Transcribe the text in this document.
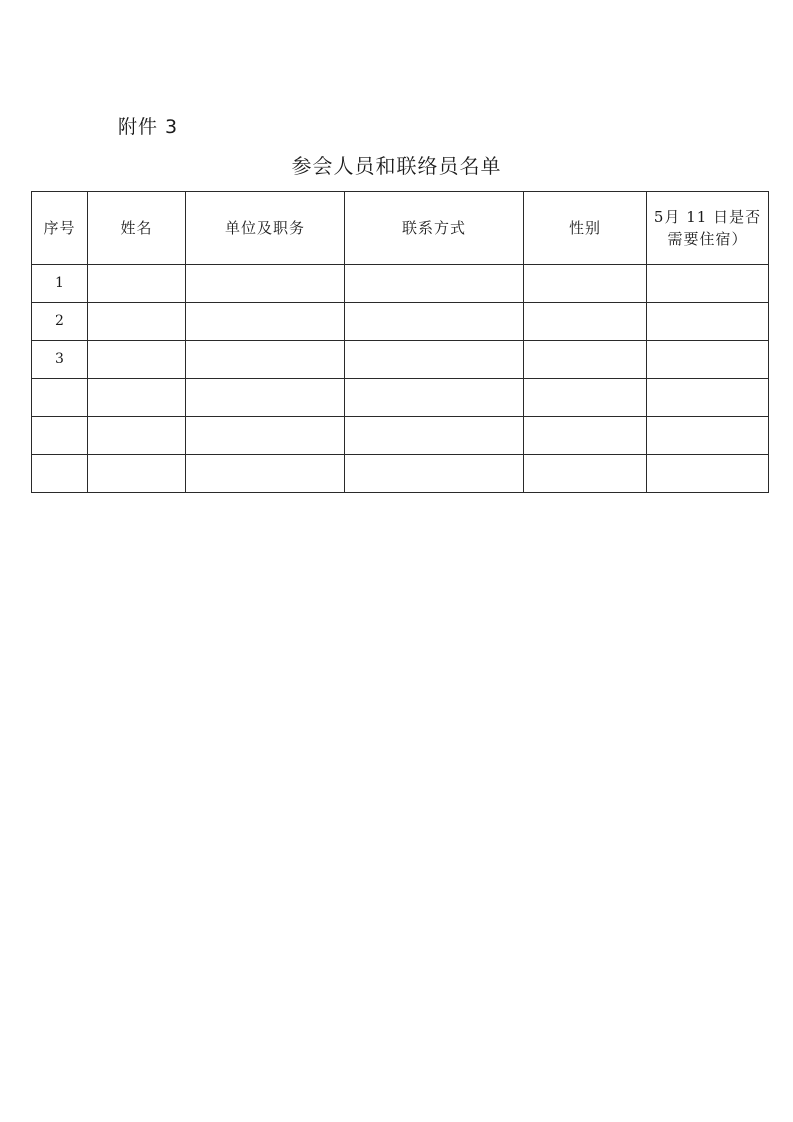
附件 3
参会人员和联络员名单
序号	姓名	单位及职务	联系方式	性别	5月 11 日是否需要住宿）
1					
2					
3					
